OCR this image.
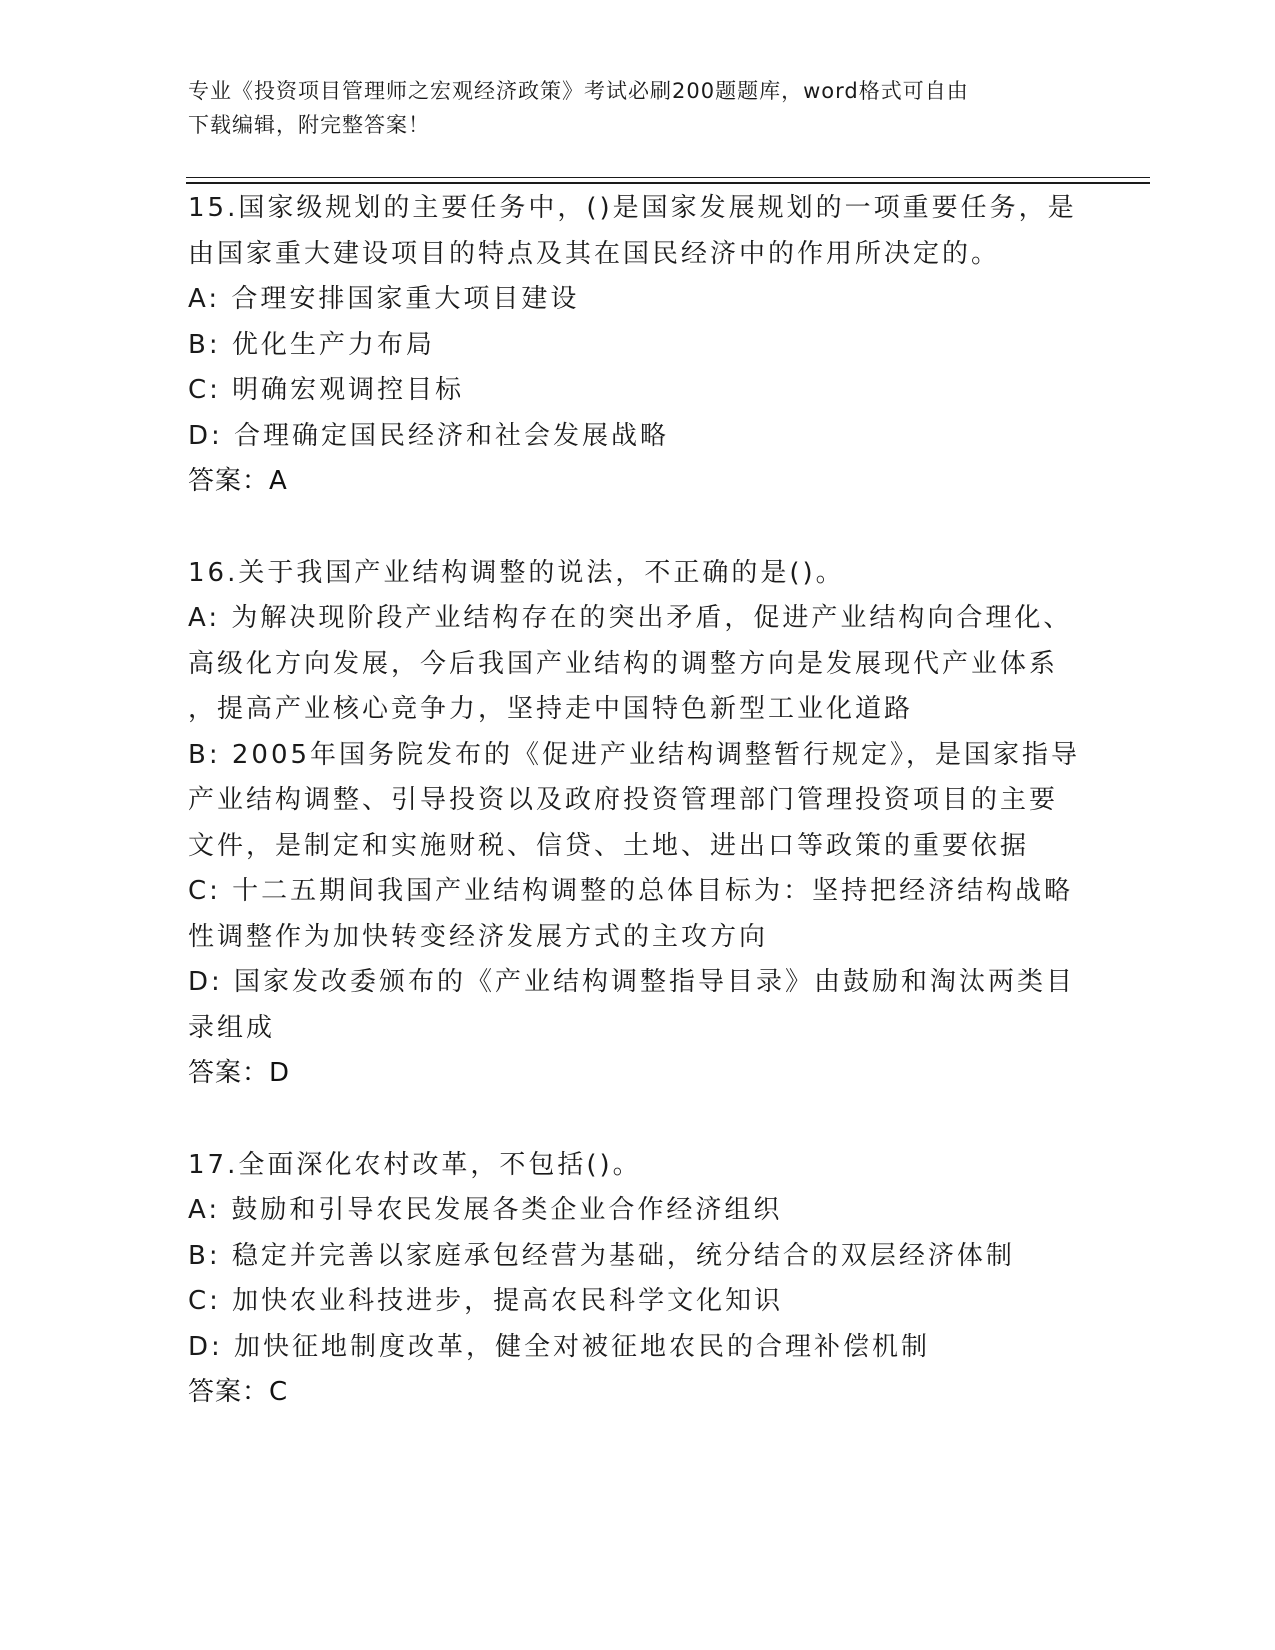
专业《投资项目管理师之宏观经济政策》考试必刷200题题库，word格式可自由
下载编辑，附完整答案！
15.国家级规划的主要任务中，()是国家发展规划的一项重要任务，是
由国家重大建设项目的特点及其在国民经济中的作用所决定的。
A: 合理安排国家重大项目建设
B: 优化生产力布局
C: 明确宏观调控目标
D: 合理确定国民经济和社会发展战略
答案：A
16.关于我国产业结构调整的说法，不正确的是()。
A: 为解决现阶段产业结构存在的突出矛盾，促进产业结构向合理化、
高级化方向发展，今后我国产业结构的调整方向是发展现代产业体系
，提高产业核心竞争力，坚持走中国特色新型工业化道路
B: 2005年国务院发布的《促进产业结构调整暂行规定》，是国家指导
产业结构调整、引导投资以及政府投资管理部门管理投资项目的主要
文件，是制定和实施财税、信贷、土地、进出口等政策的重要依据
C: 十二五期间我国产业结构调整的总体目标为：坚持把经济结构战略
性调整作为加快转变经济发展方式的主攻方向
D: 国家发改委颁布的《产业结构调整指导目录》由鼓励和淘汰两类目
录组成
答案：D
17.全面深化农村改革，不包括()。
A: 鼓励和引导农民发展各类企业合作经济组织
B: 稳定并完善以家庭承包经营为基础，统分结合的双层经济体制
C: 加快农业科技进步，提高农民科学文化知识
D: 加快征地制度改革，健全对被征地农民的合理补偿机制
答案：C
